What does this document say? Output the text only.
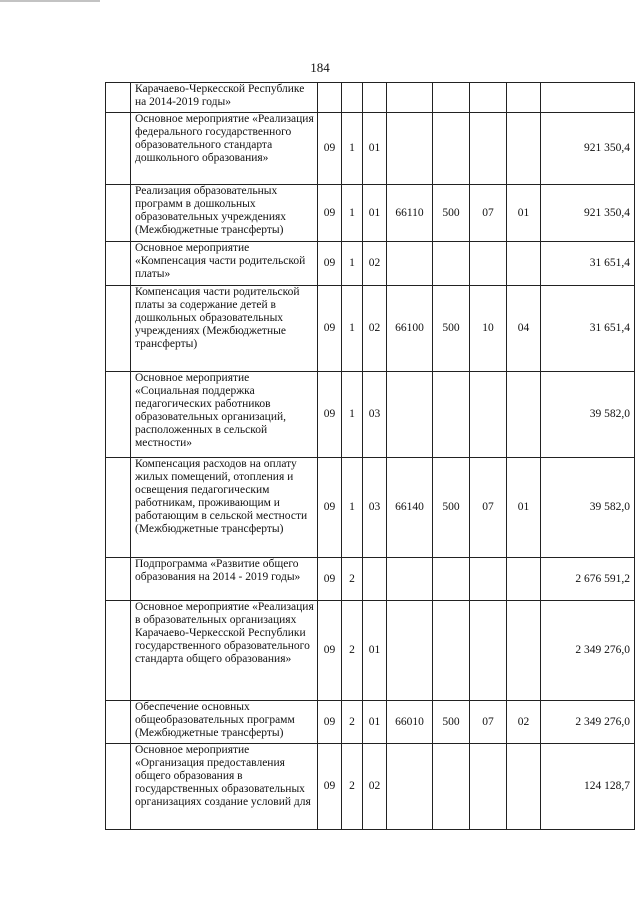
184
	Карачаево-Черкесской Республике на 2014-2019 годы»								
	Основное мероприятие «Реализация федерального государственного образовательного стандарта дошкольного образования»	09	1	01					921 350,4
	Реализация образовательных программ в дошкольных образовательных учреждениях (Межбюджетные трансферты)	09	1	01	66110	500	07	01	921 350,4
	Основное мероприятие «Компенсация части родительской платы»	09	1	02					31 651,4
	Компенсация части родительской платы за содержание детей в дошкольных образовательных учреждениях (Межбюджетные трансферты)	09	1	02	66100	500	10	04	31 651,4
	Основное мероприятие «Социальная поддержка педагогических работников образовательных организаций, расположенных в сельской местности»	09	1	03					39 582,0
	Компенсация расходов на оплату жилых помещений, отопления и освещения педагогическим работникам, проживающим и работающим в сельской местности (Межбюджетные трансферты)	09	1	03	66140	500	07	01	39 582,0
	Подпрограмма «Развитие общего образования на 2014 - 2019 годы»	09	2						2 676 591,2
	Основное мероприятие «Реализация в образовательных организациях Карачаево-Черкесской Республики государственного образовательного стандарта общего образования»	09	2	01					2 349 276,0
	Обеспечение основных общеобразовательных программ (Межбюджетные трансферты)	09	2	01	66010	500	07	02	2 349 276,0
	Основное мероприятие «Организация предоставления общего образования в государственных образовательных организациях создание условий для	09	2	02					124 128,7
